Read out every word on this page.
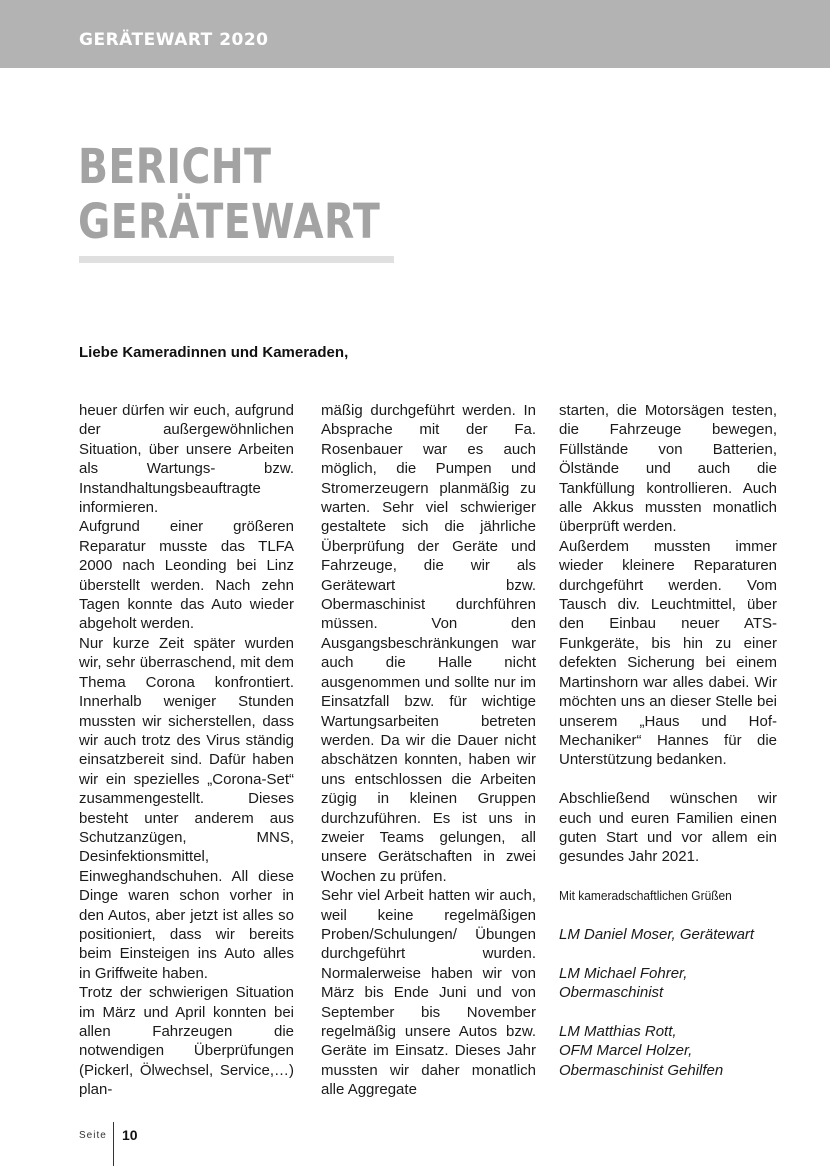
GERÄTEWART 2020
BERICHT
GERÄTEWART
Liebe Kameradinnen und Kameraden,

heuer dürfen wir euch, aufgrund der außergewöhnlichen Situation, über unsere Arbeiten als Wartungs- bzw. Instandhaltungsbeauftragte informieren.

Aufgrund einer größeren Reparatur musste das TLFA 2000 nach Leonding bei Linz überstellt werden. Nach zehn Tagen konnte das Auto wieder abgeholt werden.

Nur kurze Zeit später wurden wir, sehr überraschend, mit dem Thema Corona konfrontiert. Innerhalb weniger Stunden mussten wir sicherstellen, dass wir auch trotz des Virus ständig einsatzbereit sind. Dafür haben wir ein spezielles „Corona-Set“ zusammengestellt. Dieses besteht unter anderem aus Schutzanzügen, MNS, Desinfektionsmittel, Einweghandschuhen. All diese Dinge waren schon vorher in den Autos, aber jetzt ist alles so positioniert, dass wir bereits beim Einsteigen ins Auto alles in Griffweite haben.

Trotz der schwierigen Situation im März und April konnten bei allen Fahrzeugen die notwendigen Überprüfungen (Pickerl, Ölwechsel, Service,…) plan-

mäßig durchgeführt werden. In Absprache mit der Fa. Rosenbauer war es auch möglich, die Pumpen und Stromerzeugern planmäßig zu warten. Sehr viel schwieriger gestaltete sich die jährliche Überprüfung der Geräte und Fahrzeuge, die wir als Gerätewart bzw. Obermaschinist durchführen müssen. Von den Ausgangsbeschränkungen war auch die Halle nicht ausgenommen und sollte nur im Einsatzfall bzw. für wichtige Wartungsarbeiten betreten werden. Da wir die Dauer nicht abschätzen konnten, haben wir uns entschlossen die Arbeiten zügig in kleinen Gruppen durchzuführen. Es ist uns in zweier Teams gelungen, all unsere Gerätschaften in zwei Wochen zu prüfen.

Sehr viel Arbeit hatten wir auch, weil keine regelmäßigen Proben/Schulungen/ Übungen durchgeführt wurden. Normalerweise haben wir von März bis Ende Juni und von September bis November regelmäßig unsere Autos bzw. Geräte im Einsatz. Dieses Jahr mussten wir daher monatlich alle Aggregate

starten, die Motorsägen testen, die Fahrzeuge bewegen, Füllstände von Batterien, Ölstände und auch die Tankfüllung kontrollieren. Auch alle Akkus mussten monatlich überprüft werden.

Außerdem mussten immer wieder kleinere Reparaturen durchgeführt werden. Vom Tausch div. Leuchtmittel, über den Einbau neuer ATS-Funkgeräte, bis hin zu einer defekten Sicherung bei einem Martinshorn war alles dabei. Wir möchten uns an dieser Stelle bei unserem „Haus und Hof-Mechaniker“ Hannes für die Unterstützung bedanken.

Abschließend wünschen wir euch und euren Familien einen guten Start und vor allem ein gesundes Jahr 2021.

Mit kameradschaftlichen Grüßen

LM Daniel Moser, Gerätewart

LM Michael Fohrer,

Obermaschinist

LM Matthias Rott,

OFM Marcel Holzer,

Obermaschinist Gehilfen

Seite 10
